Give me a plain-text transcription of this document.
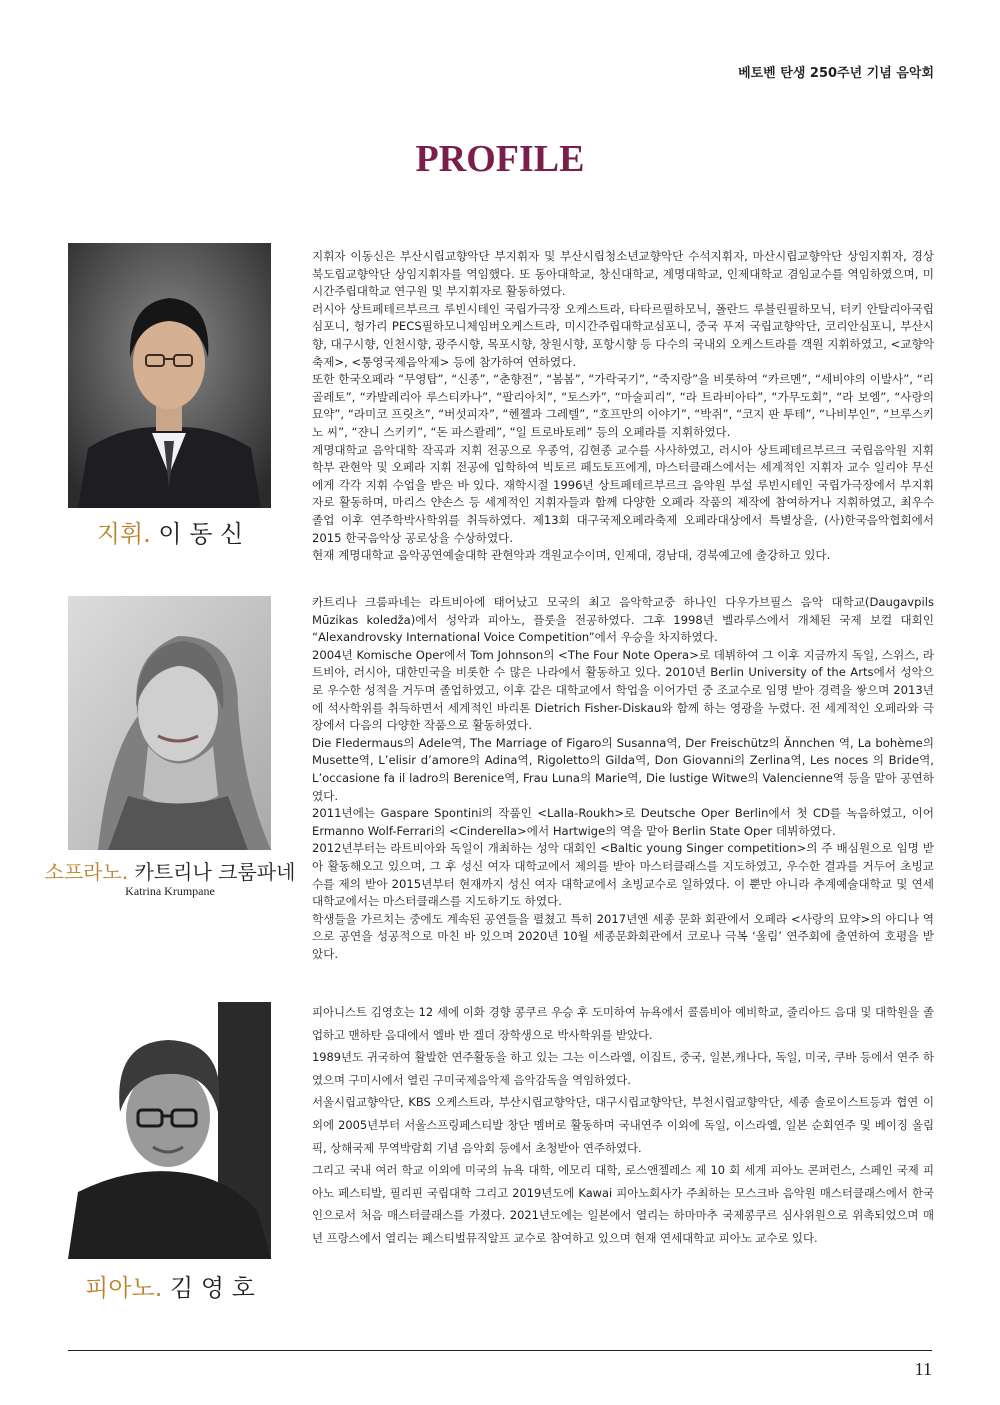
베토벤 탄생 250주년 기념 음악회
PROFILE
지휘. 이 동 신

지휘자 이동신은 부산시립교향악단 부지휘자 및 부산시립청소년교향악단 수석지휘자, 마산시립교향악단 상임지휘자, 경상북도립교향악단 상임지휘자를 역임했다. 또 동아대학교, 창신대학교, 계명대학교, 인제대학교 겸임교수를 역임하였으며, 미시간주립대학교 연구원 및 부지휘자로 활동하였다.

러시아 상트페테르부르크 루빈시테인 국립가극장 오케스트라, 타타르필하모닉, 폴란드 루블린필하모닉, 터키 안탈리아국립심포니, 헝가리 PECS필하모니체임버오케스트라, 미시간주립대학교심포니, 중국 푸저 국립교향악단, 코리안심포니, 부산시향, 대구시향, 인천시향, 광주시향, 목포시향, 창원시향, 포항시향 등 다수의 국내외 오케스트라를 객원 지휘하였고, <교향악축제>, <통영국제음악제> 등에 참가하여 연하였다.

또한 한국오페라 “무영탑”, “신종”, “춘향전”, “봄봄”, “가락국기”, “죽지랑”을 비롯하여 “카르멘”, “세비야의 이발사”, “리골레토”, “카발레리아 루스티카나”, “팔리아치”, “토스카”, “마술피리”, “라 트라비아타”, “가무도회”, “라 보엠”, “사랑의 묘약”, “라미코 프릿츠”, “버섯피자”, “헨젤과 그레텔”, “호프만의 이야기”, “박쥐”, “코지 판 투테”, “나비부인”, “브루스키노 씨”, “쟌니 스키키”, “돈 파스콸레”, “일 트로바토레” 등의 오페라를 지휘하였다.

계명대학교 음악대학 작곡과 지휘 전공으로 우종억, 김현종 교수를 사사하였고, 러시아 상트페테르부르크 국립음악원 지휘학부 관현악 및 오페라 지휘 전공에 입학하여 빅토르 페도토프에게, 마스터클래스에서는 세계적인 지휘자 교수 일리야 무신에게 각각 지휘 수업을 받은 바 있다. 재학시절 1996년 상트페테르부르크 음악원 부설 루빈시테인 국립가극장에서 부지휘자로 활동하며, 마리스 얀손스 등 세계적인 지휘자들과 함께 다양한 오페라 작품의 제작에 참여하거나 지휘하였고, 최우수 졸업 이후 연주학박사학위를 취득하였다. 제13회 대구국제오페라축제 오페라대상에서 특별상을, (사)한국음악협회에서 2015 한국음악상 공로상을 수상하였다.

현재 계명대학교 음악공연예술대학 관현악과 객원교수이며, 인제대, 경남대, 경북예고에 출강하고 있다.

소프라노. 카트리나 크룸파네
Katrina Krumpane

카트리나 크룸파네는 라트비아에 태어났고 모국의 최고 음악학교중 하나인 다우가브필스 음악 대학교(Daugavpils Mūzikas koledža)에서 성악과 피아노, 플룻을 전공하였다. 그후 1998년 벨라루스에서 개체된 국제 보컬 대회인 “Alexandrovsky International Voice Competition”에서 우승을 차지하였다.

2004년 Komische Oper에서 Tom Johnson의 <The Four Note Opera>로 데뷔하여 그 이후 지금까지 독일, 스위스, 라트비아, 러시아, 대한민국을 비롯한 수 많은 나라에서 활동하고 있다. 2010년 Berlin University of the Arts에서 성악으로 우수한 성적을 거두며 졸업하였고, 이후 같은 대학교에서 학업을 이어가던 중 조교수로 임명 받아 경력을 쌓으며 2013년에 석사학위를 취득하면서 세계적인 바리톤 Dietrich Fisher-Diskau와 함께 하는 영광을 누렸다. 전 세계적인 오페라와 극장에서 다음의 다양한 작품으로 활동하였다.

Die Fledermaus의 Adele역, The Marriage of Figaro의 Susanna역, Der Freischütz의 Ännchen 역, La bohème의 Musette역, L’elisir d’amore의 Adina역, Rigoletto의 Gilda역, Don Giovanni의 Zerlina역, Les noces 의 Bride역, L’occasione fa il ladro의 Berenice역, Frau Luna의 Marie역, Die lustige Witwe의 Valencienne역 등을 맡아 공연하였다.

2011년에는 Gaspare Spontini의 작품인 <Lalla-Roukh>로 Deutsche Oper Berlin에서 첫 CD를 녹음하였고, 이어 Ermanno Wolf-Ferrari의 <Cinderella>에서 Hartwige의 역을 맡아 Berlin State Oper 데뷔하였다.

2012년부터는 라트비아와 독일이 개최하는 성악 대회인 <Baltic young Singer competition>의 주 배심원으로 임명 받아 활동해오고 있으며, 그 후 성신 여자 대학교에서 제의를 받아 마스터클래스를 지도하였고, 우수한 결과를 거두어 초빙교수를 제의 받아 2015년부터 현재까지 성신 여자 대학교에서 초빙교수로 일하였다. 이 뿐만 아니라 추계예술대학교 및 연세대학교에서는 마스터클래스를 지도하기도 하였다.

학생들을 가르치는 중에도 계속된 공연들을 펼쳤고 특히 2017년엔 세종 문화 회관에서 오페라 <사랑의 묘약>의 아디나 역으로 공연을 성공적으로 마친 바 있으며 2020년 10월 세종문화회관에서 코로나 극복 ‘울림’ 연주회에 출연하여 호평을 받았다.

피아노. 김 영 호

피아니스트 김영호는 12 세에 이화 경향 콩쿠르 우승 후 도미하여 뉴욕에서 콜롬비아 예비학교, 줄리아드 음대 및 대학원을 졸업하고 맨하탄 음대에서 엘바 반 겔더 장학생으로 박사학위를 받았다.

1989년도 귀국하여 활발한 연주활동을 하고 있는 그는 이스라엘, 이집트, 중국, 일본,캐나다, 독일, 미국, 쿠바 등에서 연주 하였으며 구미시에서 열린 구미국제음악제 음악감독을 역임하였다.

서울시립교향악단, KBS 오케스트라, 부산시립교향악단, 대구시립교향악단, 부천시립교향악단, 세종 솔로이스트등과 협연 이 외에 2005년부터 서울스프링페스티발 창단 멤버로 활동하며 국내연주 이외에 독일, 이스라엘, 일본 순회연주 및 베이징 올림픽, 상해국제 무역박람회 기념 음악회 등에서 초청받아 연주하였다.

그리고 국내 여러 학교 이외에 미국의 뉴욕 대학, 에모리 대학, 로스앤젤레스 제 10 회 세계 피아노 콘퍼런스, 스페인 국제 피아노 페스티발, 필리핀 국립대학 그리고 2019년도에 Kawai 피아노회사가 주최하는 모스크바 음악원 매스터클래스에서 한국인으로서 처음 매스터클래스를 가졌다. 2021년도에는 일본에서 열리는 하마마추 국제콩쿠르 심사위원으로 위촉되었으며 매년 프랑스에서 열리는 페스티벌뮤직알프 교수로 참여하고 있으며 현재 연세대학교 피아노 교수로 있다.

11
